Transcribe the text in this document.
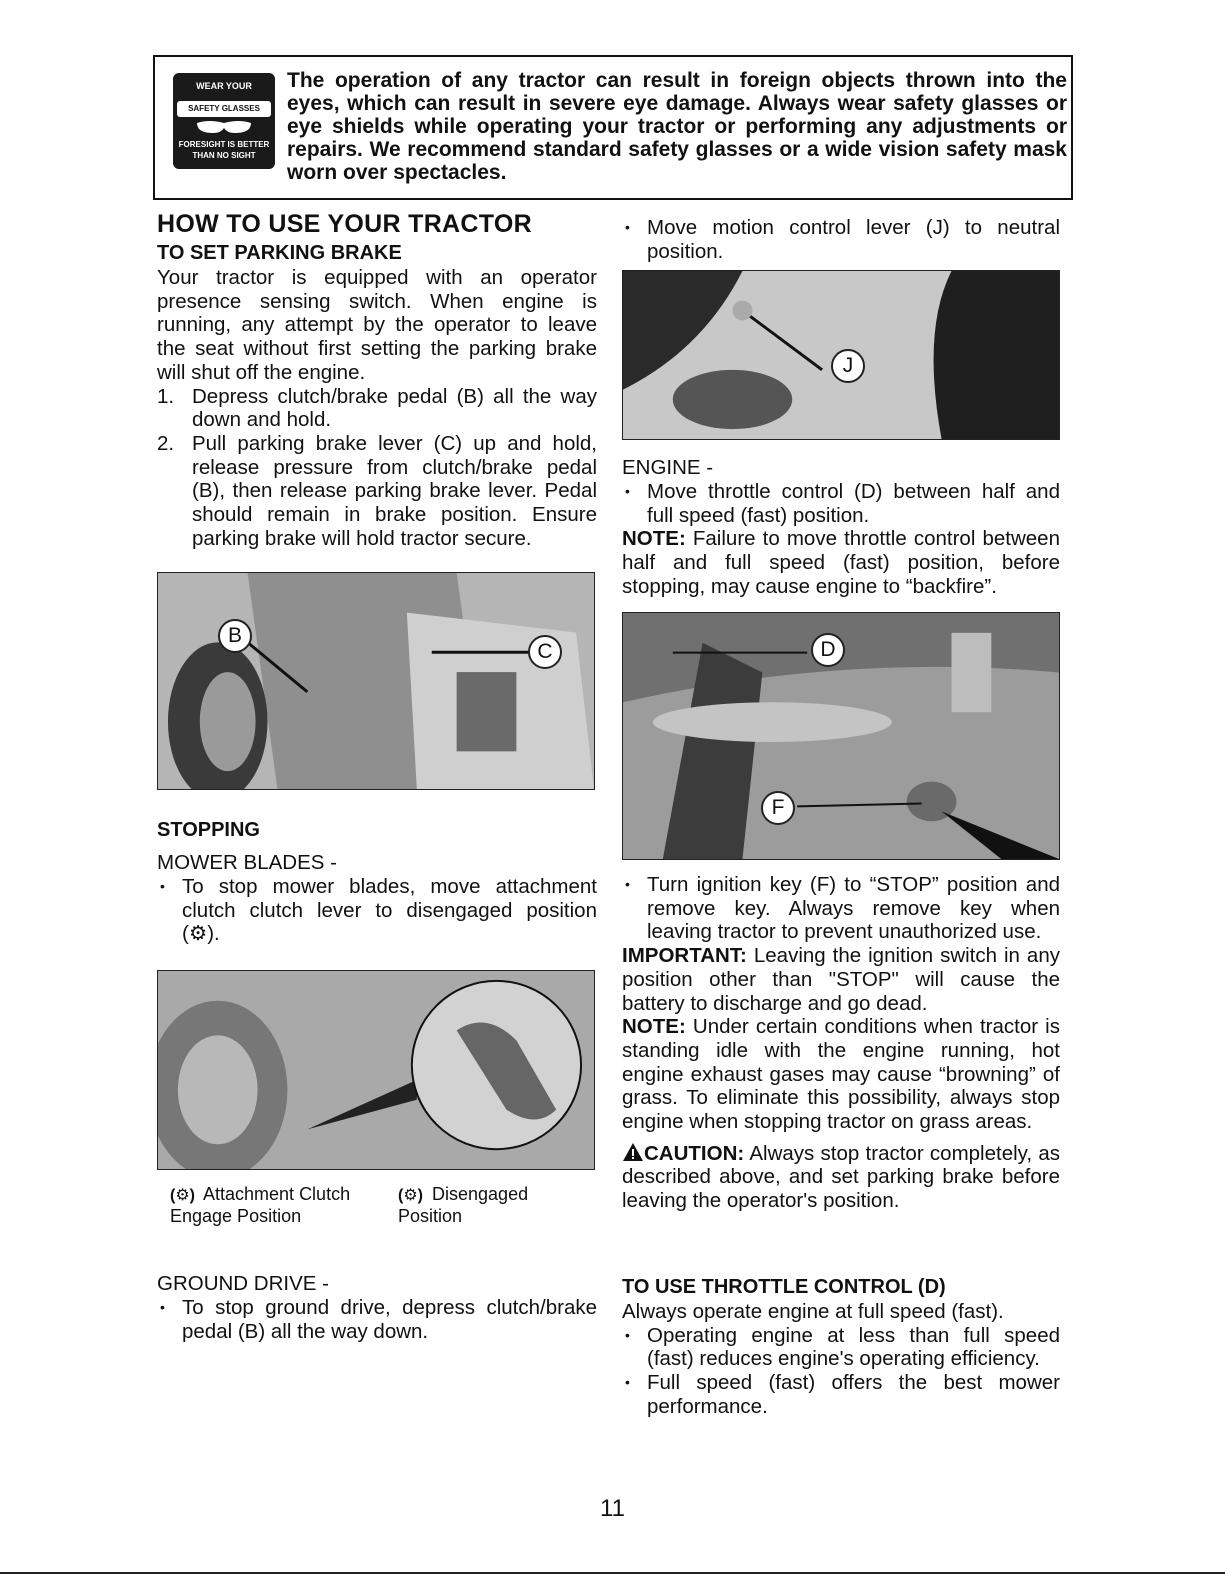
WEAR YOUR
SAFETY GLASSES
FORESIGHT IS BETTER THAN NO SIGHT
The operation of any tractor can result in foreign objects thrown into the eyes, which can result in severe eye damage. Always wear safety glasses or eye shields while operating your tractor or performing any adjustments or repairs. We recommend standard safety glasses or a wide vision safety mask worn over spectacles.
HOW TO USE YOUR TRACTOR
TO SET PARKING BRAKE
Your tractor is equipped with an operator presence sensing switch. When engine is running, any attempt by the operator to leave the seat without first setting the parking brake will shut off the engine.
1. Depress clutch/brake pedal (B) all the way down and hold.
2. Pull parking brake lever (C) up and hold, release pressure from clutch/brake pedal (B), then release parking brake lever. Pedal should remain in brake position. Ensure parking brake will hold tractor secure.
B
C
STOPPING
MOWER BLADES -
• To stop mower blades, move attachment clutch clutch lever to disengaged position (⚙).
(⚙) Attachment Clutch Engage Position
(⚙) Disengaged Position
GROUND DRIVE -
• To stop ground drive, depress clutch/brake pedal (B) all the way down.
• Move motion control lever (J) to neutral position.
J
ENGINE -
• Move throttle control (D) between half and full speed (fast) position.
NOTE: Failure to move throttle control between half and full speed (fast) position, before stopping, may cause engine to “backfire”.
D
F
• Turn ignition key (F) to “STOP” position and remove key. Always remove key when leaving tractor to prevent unauthorized use.
IMPORTANT: Leaving the ignition switch in any position other than "STOP" will cause the battery to discharge and go dead.
NOTE: Under certain conditions when tractor is standing idle with the engine running, hot engine exhaust gases may cause “browning” of grass. To eliminate this possibility, always stop engine when stopping tractor on grass areas.
CAUTION: Always stop tractor completely, as described above, and set parking brake before leaving the operator's position.
TO USE THROTTLE CONTROL (D)
Always operate engine at full speed (fast).
• Operating engine at less than full speed (fast) reduces engine's operating efficiency.
• Full speed (fast) offers the best mower performance.
11
